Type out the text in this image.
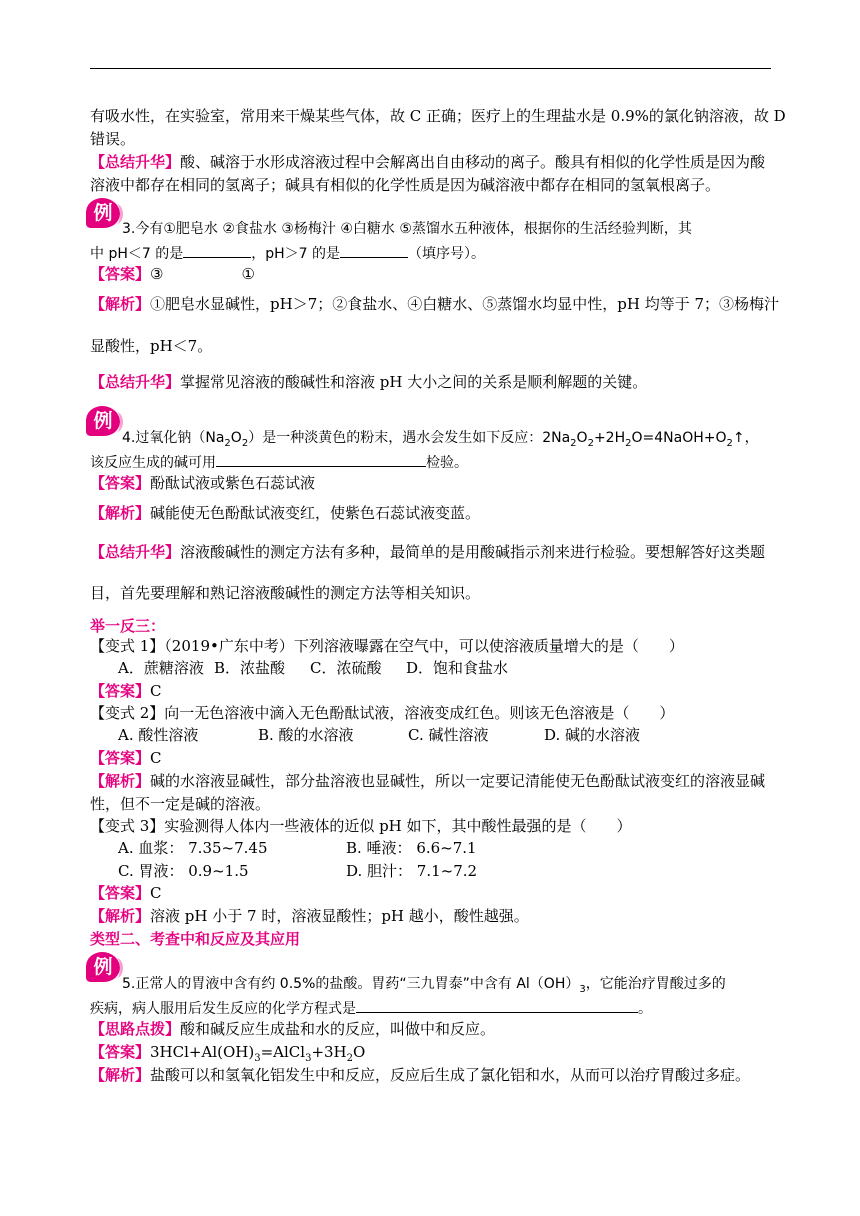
有吸水性，在实验室，常用来干燥某些气体，故 C 正确；医疗上的生理盐水是 0.9%的氯化钠溶液，故 D
错误。
【总结升华】酸、碱溶于水形成溶液过程中会解离出自由移动的离子。酸具有相似的化学性质是因为酸
溶液中都存在相同的氢离子；碱具有相似的化学性质是因为碱溶液中都存在相同的氢氧根离子。
例
3.今有①肥皂水 ②食盐水 ③杨梅汁 ④白糖水 ⑤蒸馏水五种液体，根据你的生活经验判断，其
中 pH＜7 的是	，pH＞7 的是	（填序号）。
【答案】③	①
【解析】①肥皂水显碱性，pH＞7；②食盐水、④白糖水、⑤蒸馏水均显中性，pH 均等于 7；③杨梅汁
显酸性，pH＜7。
【总结升华】掌握常见溶液的酸碱性和溶液 pH 大小之间的关系是顺利解题的关键。
例
4.过氧化钠$(Na_2O_2)$是一种淡黄色的粉末，遇水会发生如下反应：$2Na_2O_2+2H_2O=4NaOH+O_2↑$，
该反应生成的碱可用	检验。
【答案】酚酞试液或紫色石蕊试液
【解析】碱能使无色酚酞试液变红，使紫色石蕊试液变蓝。
【总结升华】溶液酸碱性的测定方法有多种，最简单的是用酸碱指示剂来进行检验。要想解答好这类题
目，首先要理解和熟记溶液酸碱性的测定方法等相关知识。
举一反三：
【变式 1】（2019•广东中考）下列溶液曝露在空气中，可以使溶液质量增大的是（　　）
A．蔗糖溶液 B．浓盐酸 C．浓硫酸 D．饱和食盐水
【答案】C
【变式 2】向一无色溶液中滴入无色酚酞试液，溶液变成红色。则该无色溶液是（　　）
A. 酸性溶液	B. 酸的水溶液	C. 碱性溶液	D. 碱的水溶液
【答案】C
【解析】碱的水溶液显碱性，部分盐溶液也显碱性，所以一定要记清能使无色酚酞试液变红的溶液显碱
性，但不一定是碱的溶液。
【变式 3】实验测得人体内一些液体的近似 pH 如下，其中酸性最强的是（　　）
A. 血浆： 7.35~7.45	B. 唾液： 6.6~7.1
C. 胃液： 0.9~1.5	D. 胆汁： 7.1~7.2
【答案】C
【解析】溶液 pH 小于 7 时，溶液显酸性；pH 越小，酸性越强。
类型二、考查中和反应及其应用
例
5.正常人的胃液中含有约 0.5%的盐酸。胃药“三九胃泰”中含有 $Al(OH)_3$，它能治疗胃酸过多的
疾病，病人服用后发生反应的化学方程式是	。
【思路点拨】酸和碱反应生成盐和水的反应，叫做中和反应。
【答案】$3HCl+Al(OH)_3=AlCl_3+3H_2O$
【解析】盐酸可以和氢氧化铝发生中和反应，反应后生成了氯化铝和水，从而可以治疗胃酸过多症。
